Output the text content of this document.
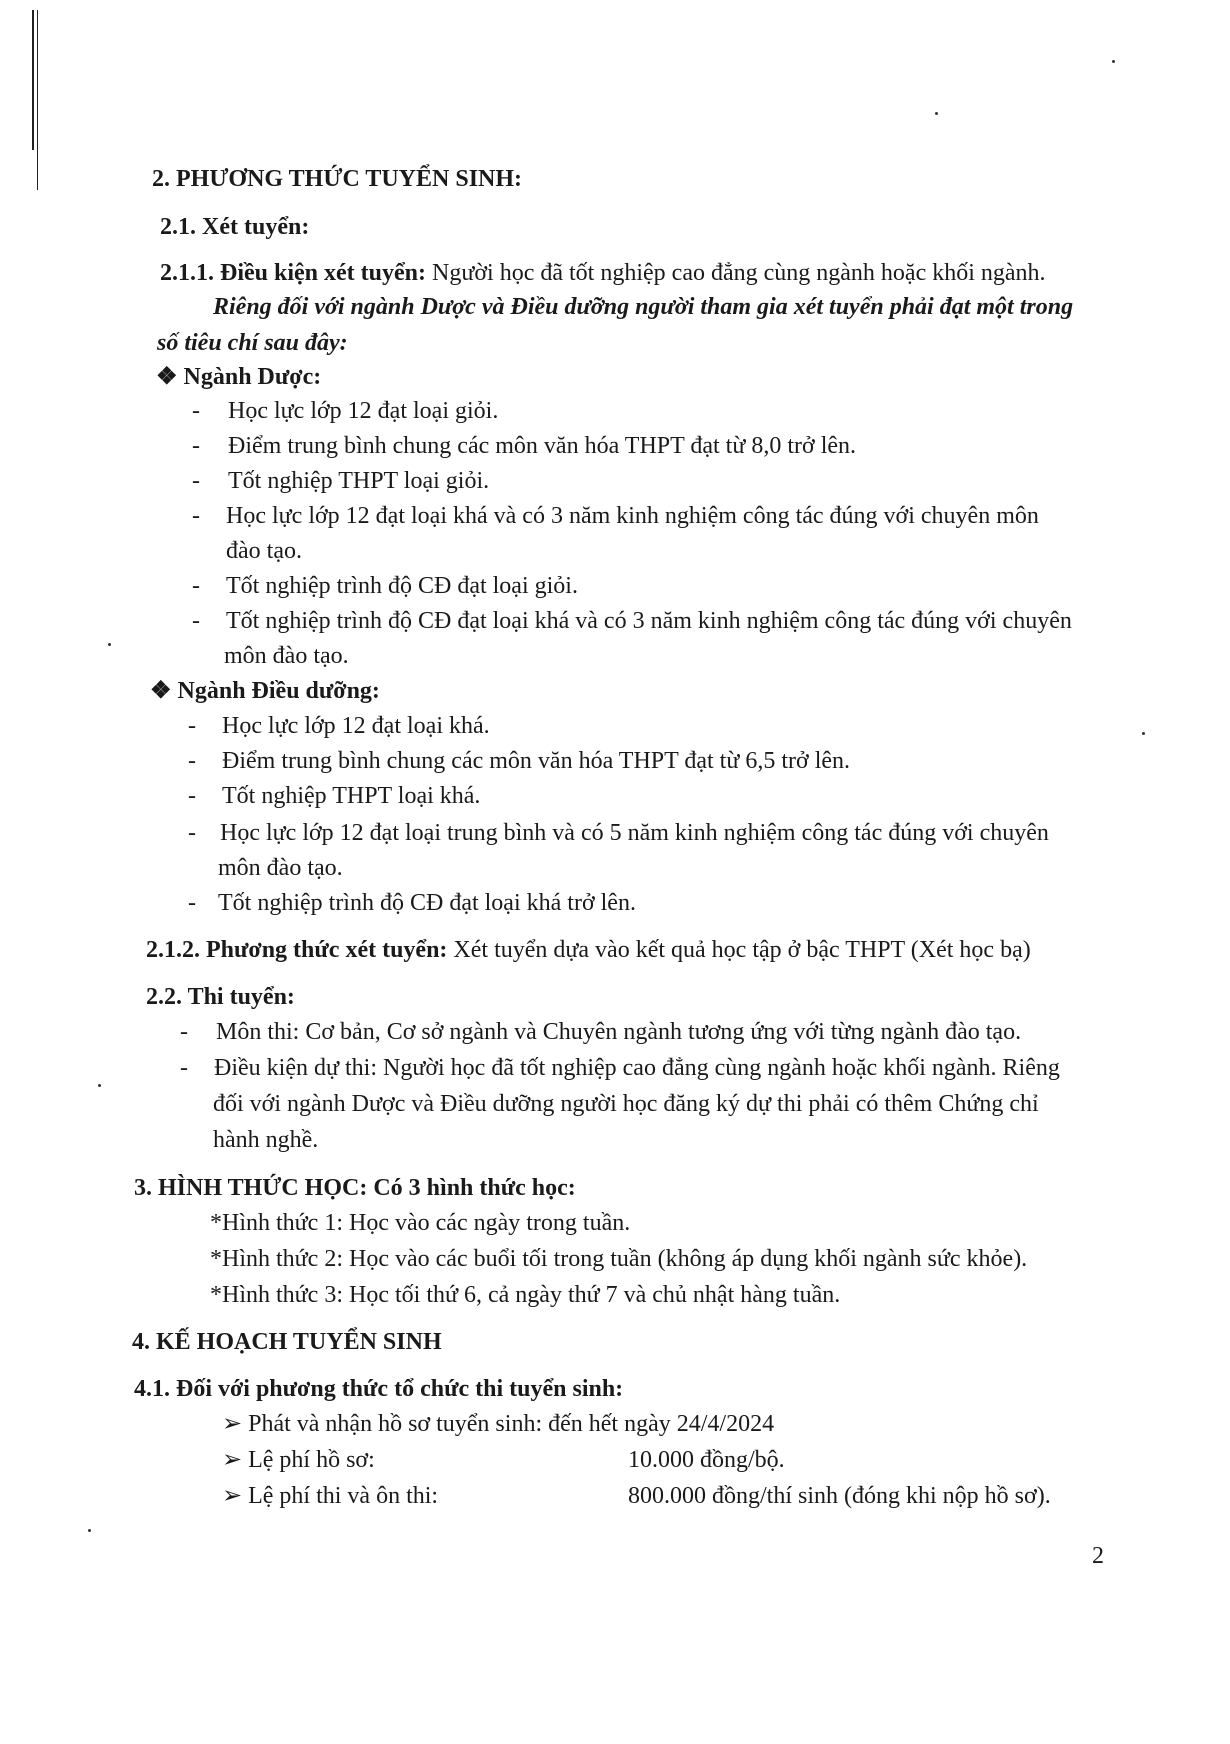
2. PHƯƠNG THỨC TUYỂN SINH:
2.1. Xét tuyển:
2.1.1. Điều kiện xét tuyển: Người học đã tốt nghiệp cao đẳng cùng ngành hoặc khối ngành.
Riêng đối với ngành Dược và Điều dưỡng người tham gia xét tuyển phải đạt một trong
số tiêu chí sau đây:
❖ Ngành Dược:
- Học lực lớp 12 đạt loại giỏi.
- Điểm trung bình chung các môn văn hóa THPT đạt từ 8,0 trở lên.
- Tốt nghiệp THPT loại giỏi.
- Học lực lớp 12 đạt loại khá và có 3 năm kinh nghiệm công tác đúng với chuyên môn
đào tạo.
- Tốt nghiệp trình độ CĐ đạt loại giỏi.
- Tốt nghiệp trình độ CĐ đạt loại khá và có 3 năm kinh nghiệm công tác đúng với chuyên
môn đào tạo.
❖ Ngành Điều dưỡng:
- Học lực lớp 12 đạt loại khá.
- Điểm trung bình chung các môn văn hóa THPT đạt từ 6,5 trở lên.
- Tốt nghiệp THPT loại khá.
- Học lực lớp 12 đạt loại trung bình và có 5 năm kinh nghiệm công tác đúng với chuyên
môn đào tạo.
- Tốt nghiệp trình độ CĐ đạt loại khá trở lên.
2.1.2. Phương thức xét tuyển: Xét tuyển dựa vào kết quả học tập ở bậc THPT (Xét học bạ)
2.2. Thi tuyển:
- Môn thi: Cơ bản, Cơ sở ngành và Chuyên ngành tương ứng với từng ngành đào tạo.
- Điều kiện dự thi: Người học đã tốt nghiệp cao đẳng cùng ngành hoặc khối ngành. Riêng
đối với ngành Dược và Điều dưỡng người học đăng ký dự thi phải có thêm Chứng chỉ
hành nghề.
3. HÌNH THỨC HỌC: Có 3 hình thức học:
*Hình thức 1: Học vào các ngày trong tuần.
*Hình thức 2: Học vào các buổi tối trong tuần (không áp dụng khối ngành sức khỏe).
*Hình thức 3: Học tối thứ 6, cả ngày thứ 7 và chủ nhật hàng tuần.
4. KẾ HOẠCH TUYỂN SINH
4.1. Đối với phương thức tổ chức thi tuyển sinh:
➢ Phát và nhận hồ sơ tuyển sinh: đến hết ngày 24/4/2024
➢ Lệ phí hồ sơ:	10.000 đồng/bộ.
➢ Lệ phí thi và ôn thi:	800.000 đồng/thí sinh (đóng khi nộp hồ sơ).
2
